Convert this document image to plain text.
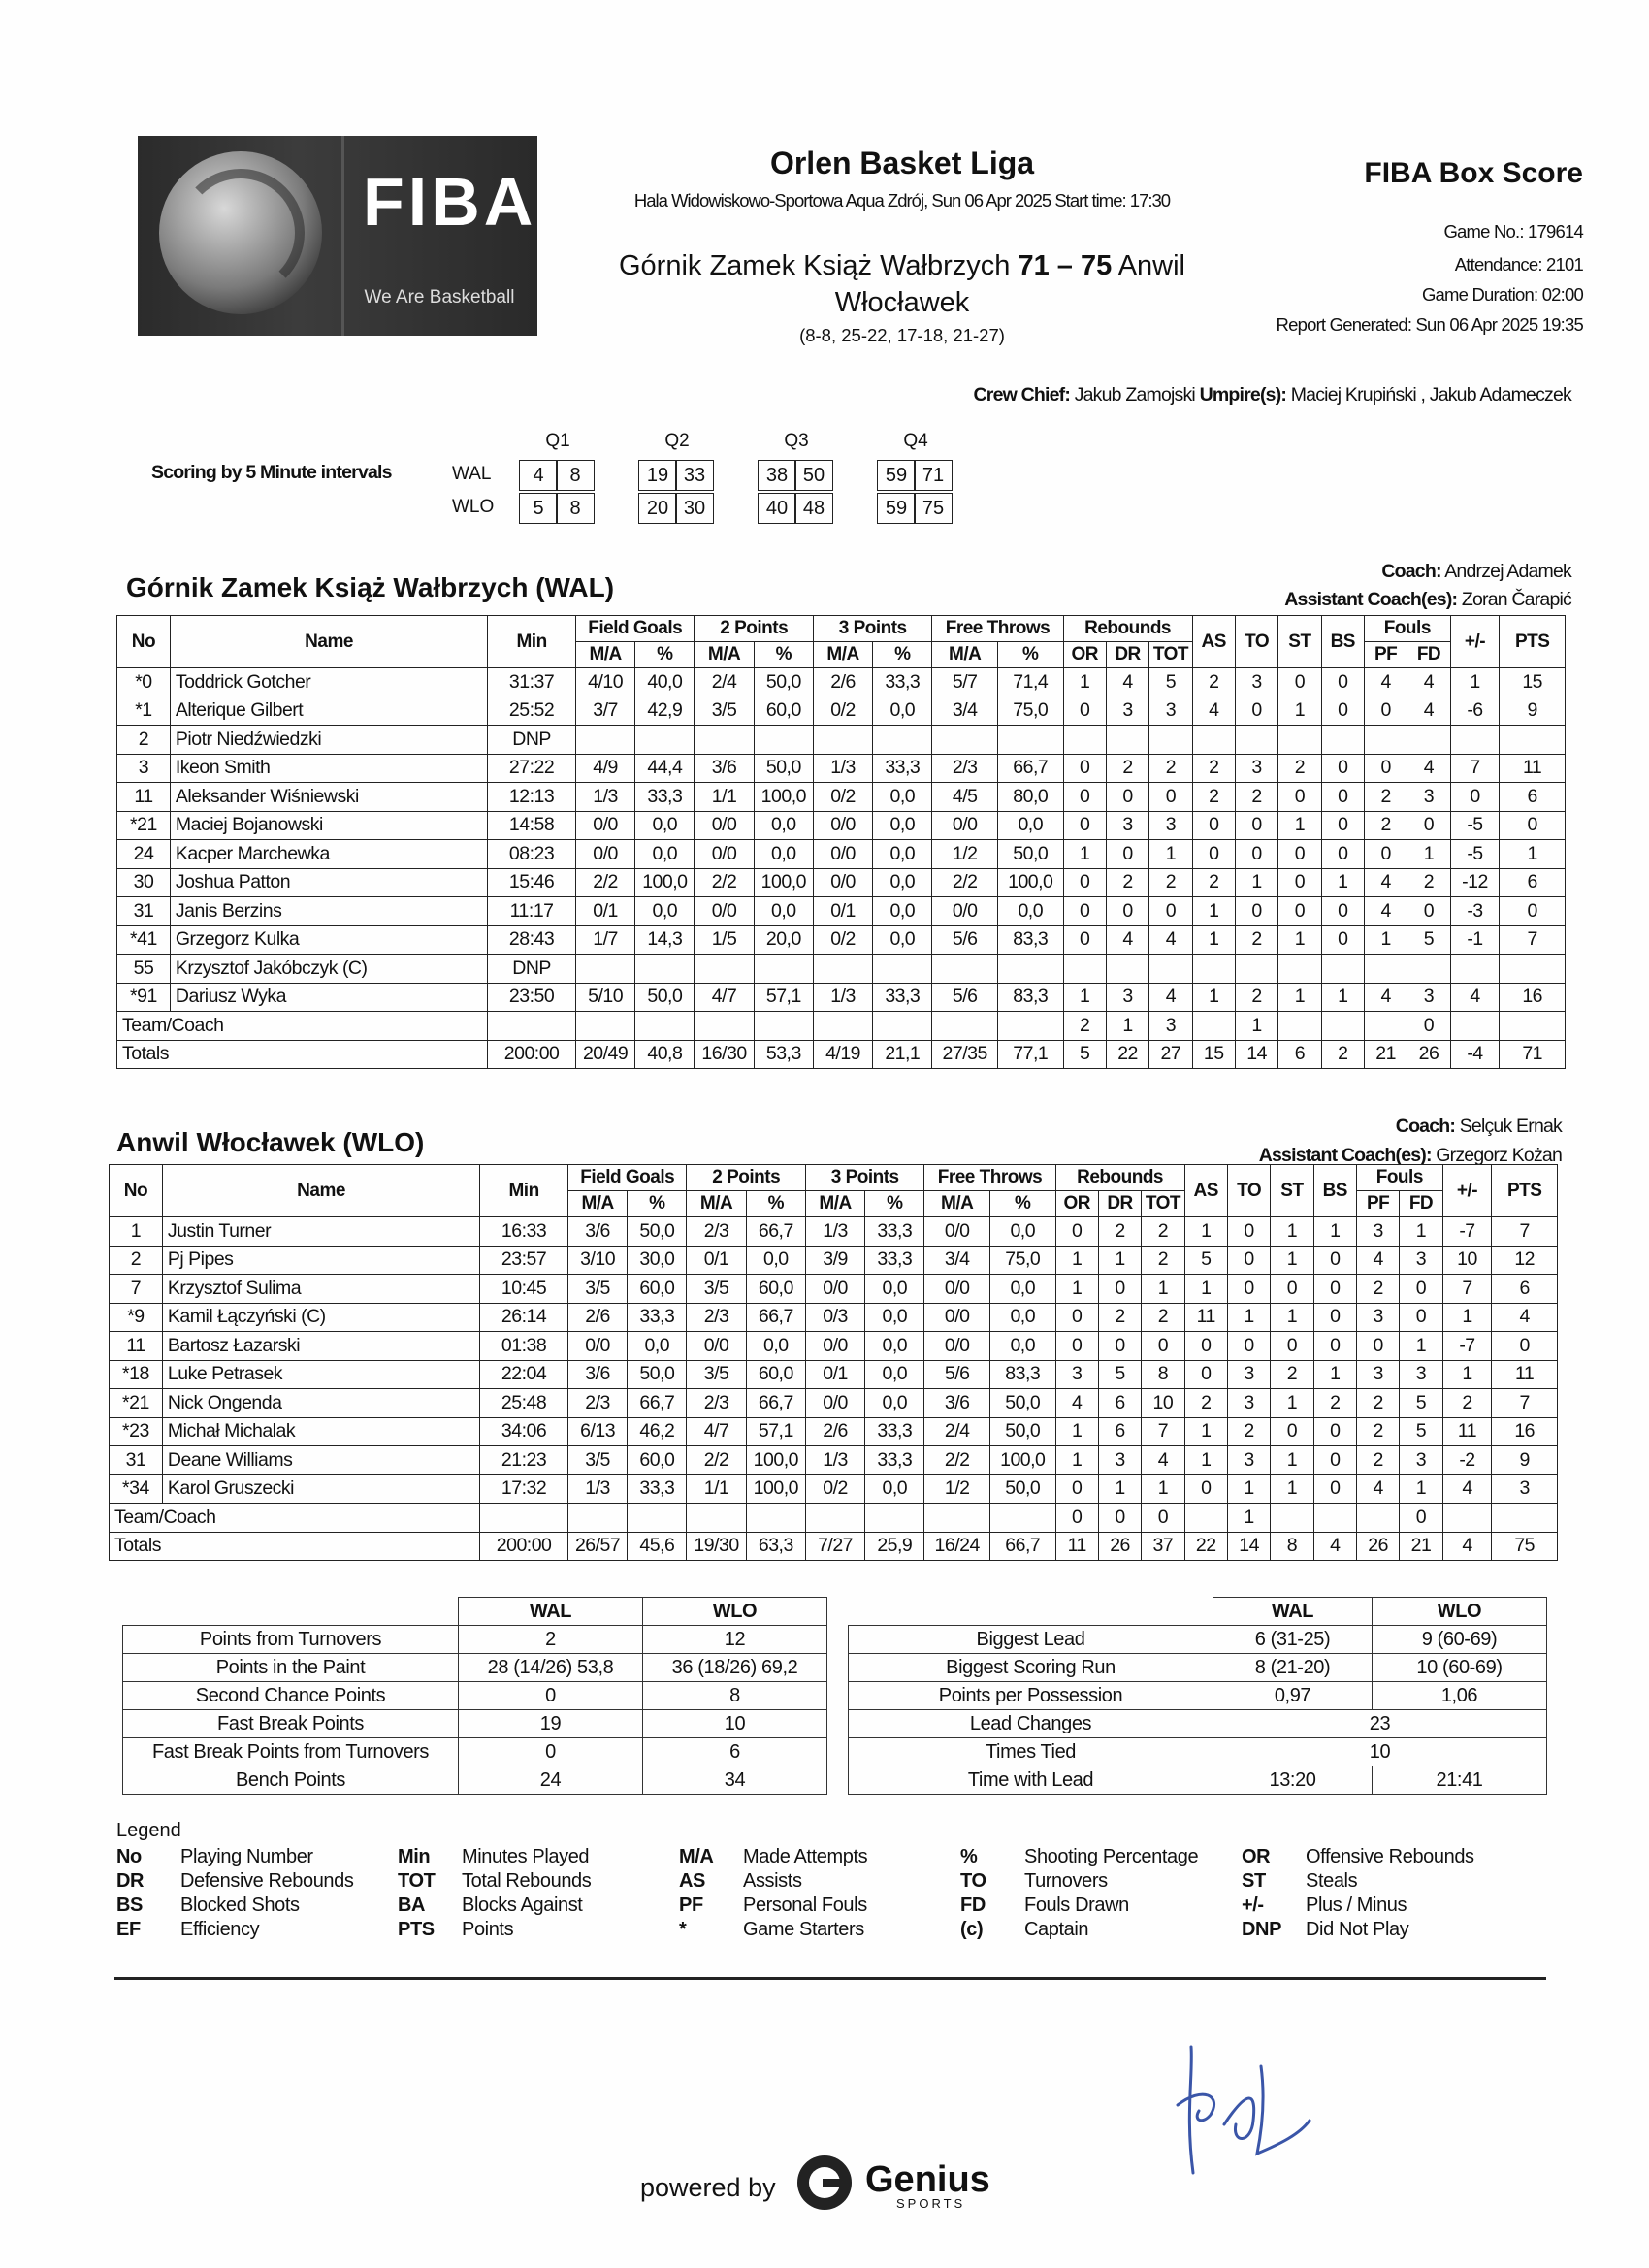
FIBA
We Are Basketball
Orlen Basket Liga
Hala Widowiskowo-Sportowa Aqua Zdrój, Sun 06 Apr 2025 Start time: 17:30
Górnik Zamek Książ Wałbrzych 71 – 75 Anwil
Włocławek
(8-8, 25-22, 17-18, 21-27)
FIBA Box Score
Game No.: 179614
Attendance: 2101
Game Duration: 02:00
Report Generated: Sun 06 Apr 2025 19:35
Crew Chief: Jakub Zamojski Umpire(s): Maciej Krupiński , Jakub Adameczek
Scoring by 5 Minute intervals
Q1	Q2	Q3	Q4
WAL	4	8	19 33	38 50	59 71
WLO	5	8	20 30	40 48	59 75
Górnik Zamek Książ Wałbrzych (WAL)
Coach: Andrzej Adamek
Assistant Coach(es): Zoran Čarapić
No	Name	Min	Field Goals		2 Points		3 Points		Free Throws		Rebounds			AS	TO	ST	BS	Fouls		+/-	PTS
			M/A	%	M/A	%	M/A	%	M/A	%	OR	DR	TOT					PF	FD		
*0	Toddrick Gotcher	31:37	4/10	40,0	2/4	50,0	2/6	33,3	5/7	71,4	1	4	5	2	3	0	0	4	4	1	15
*1	Alterique Gilbert	25:52	3/7	42,9	3/5	60,0	0/2	0,0	3/4	75,0	0	3	3	4	0	1	0	0	4	-6	9
2	Piotr Niedźwiedzki	DNP																			
3	Ikeon Smith	27:22	4/9	44,4	3/6	50,0	1/3	33,3	2/3	66,7	0	2	2	2	3	2	0	0	4	7	11
11	Aleksander Wiśniewski	12:13	1/3	33,3	1/1	100,0	0/2	0,0	4/5	80,0	0	0	0	2	2	0	0	2	3	0	6
*21	Maciej Bojanowski	14:58	0/0	0,0	0/0	0,0	0/0	0,0	0/0	0,0	0	3	3	0	0	1	0	2	0	-5	0
24	Kacper Marchewka	08:23	0/0	0,0	0/0	0,0	0/0	0,0	1/2	50,0	1	0	1	0	0	0	0	0	1	-5	1
30	Joshua Patton	15:46	2/2	100,0	2/2	100,0	0/0	0,0	2/2	100,0	0	2	2	2	1	0	1	4	2	-12	6
31	Janis Berzins	11:17	0/1	0,0	0/0	0,0	0/1	0,0	0/0	0,0	0	0	0	1	0	0	0	4	0	-3	0
*41	Grzegorz Kulka	28:43	1/7	14,3	1/5	20,0	0/2	0,0	5/6	83,3	0	4	4	1	2	1	0	1	5	-1	7
55	Krzysztof Jakóbczyk (C)	DNP																			
*91	Dariusz Wyka	23:50	5/10	50,0	4/7	57,1	1/3	33,3	5/6	83,3	1	3	4	1	2	1	1	4	3	4	16
Team/Coach											2	1	3		1				0		
Totals		200:00	20/49	40,8	16/30	53,3	4/19	21,1	27/35	77,1	5	22	27	15	14	6	2	21	26	-4	71
Anwil Włocławek (WLO)
Coach: Selçuk Ernak
Assistant Coach(es): Grzegorz Kożan
No	Name	Min	Field Goals		2 Points		3 Points		Free Throws		Rebounds			AS	TO	ST	BS	Fouls		+/-	PTS
			M/A	%	M/A	%	M/A	%	M/A	%	OR	DR	TOT					PF	FD		
1	Justin Turner	16:33	3/6	50,0	2/3	66,7	1/3	33,3	0/0	0,0	0	2	2	1	0	1	1	3	1	-7	7
2	Pj Pipes	23:57	3/10	30,0	0/1	0,0	3/9	33,3	3/4	75,0	1	1	2	5	0	1	0	4	3	10	12
7	Krzysztof Sulima	10:45	3/5	60,0	3/5	60,0	0/0	0,0	0/0	0,0	1	0	1	1	0	0	0	2	0	7	6
*9	Kamil Łączyński (C)	26:14	2/6	33,3	2/3	66,7	0/3	0,0	0/0	0,0	0	2	2	11	1	1	0	3	0	1	4
11	Bartosz Łazarski	01:38	0/0	0,0	0/0	0,0	0/0	0,0	0/0	0,0	0	0	0	0	0	0	0	0	1	-7	0
*18	Luke Petrasek	22:04	3/6	50,0	3/5	60,0	0/1	0,0	5/6	83,3	3	5	8	0	3	2	1	3	3	1	11
*21	Nick Ongenda	25:48	2/3	66,7	2/3	66,7	0/0	0,0	3/6	50,0	4	6	10	2	3	1	2	2	5	2	7
*23	Michał Michalak	34:06	6/13	46,2	4/7	57,1	2/6	33,3	2/4	50,0	1	6	7	1	2	0	0	2	5	11	16
31	Deane Williams	21:23	3/5	60,0	2/2	100,0	1/3	33,3	2/2	100,0	1	3	4	1	3	1	0	2	3	-2	9
*34	Karol Gruszecki	17:32	1/3	33,3	1/1	100,0	0/2	0,0	1/2	50,0	0	1	1	0	1	1	0	4	1	4	3
Team/Coach											0	0	0		1				0		
Totals		200:00	26/57	45,6	19/30	63,3	7/27	25,9	16/24	66,7	11	26	37	22	14	8	4	26	21	4	75
	WAL	WLO
Points from Turnovers	2	12
Points in the Paint	28 (14/26) 53,8	36 (18/26) 69,2
Second Chance Points	0	8
Fast Break Points	19	10
Fast Break Points from Turnovers	0	6
Bench Points	24	34
	WAL	WLO
Biggest Lead	6 (31-25)	9 (60-69)
Biggest Scoring Run	8 (21-20)	10 (60-69)
Points per Possession	0,97	1,06
Lead Changes	23	
Times Tied	10	
Time with Lead	13:20	21:41
Legend
No Playing Number
DR Defensive Rebounds
BS Blocked Shots
EF Efficiency
Min Minutes Played
TOT Total Rebounds
BA Blocks Against
PTS Points
M/A Made Attempts
AS Assists
PF Personal Fouls
*	Game Starters
% Shooting Percentage
TO Turnovers
FD Fouls Drawn
(c) Captain
OR Offensive Rebounds
ST Steals
+/- Plus / Minus
DNP Did Not Play
powered by Genius
SPORTS
